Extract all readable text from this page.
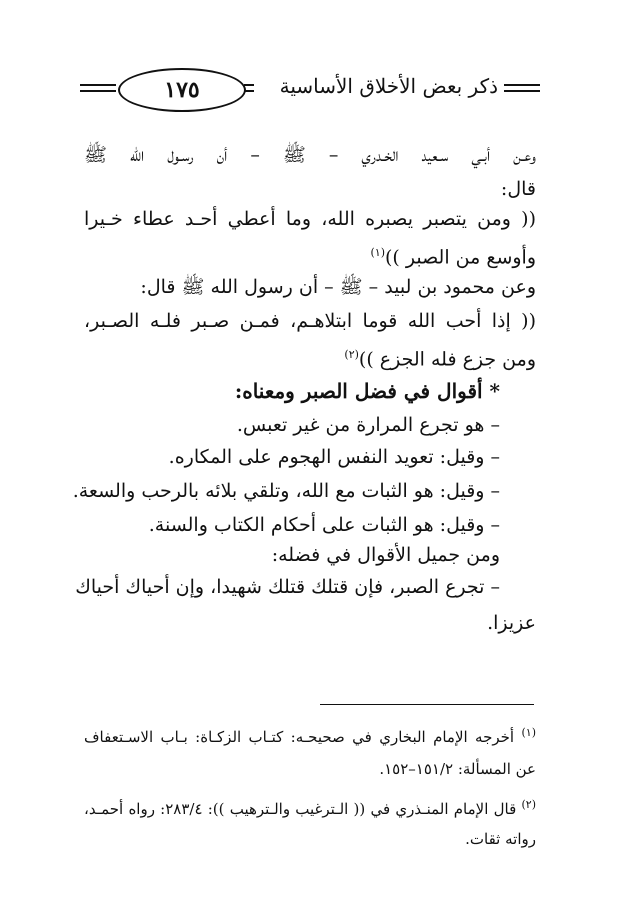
ذكر بعض الأخلاق الأساسية
١٧٥
وعـن أبـي سـعيد الخـدري – ﷺ – أن رسـول الله ﷺ
قال:
(( ومن يتصبر يصبره الله، وما أعطي أحـد عطاء خـيرا
وأوسع من الصبر ))$^{(١)}$
وعن محمود بن لبيد – ﷺ – أن رسول الله ﷺ قال:
(( إذا أحب الله قوما ابتلاهـم، فمـن صـبر فلـه الصـبر،
ومن جزع فله الجزع ))$^{(٢)}$
* أقوال في فضل الصبر ومعناه:
– هو تجرع المرارة من غير تعبس.
– وقيل: تعويد النفس الهجوم على المكاره.
– وقيل: هو الثبات مع الله، وتلقي بلائه بالرحب والسعة.
– وقيل: هو الثبات على أحكام الكتاب والسنة.
ومن جميل الأقوال في فضله:
– تجرع الصبر، فإن قتلك قتلك شهيدا، وإن أحياك أحياك
عزيزا.
$^{(١)}$ أخرجه الإمام البخاري في صحيحـه: كتـاب الزكـاة: بـاب الاسـتعفاف
عن المسألة: ١٥١/٢–١٥٢.
$^{(٢)}$ قال الإمام المنـذري في (( الـترغيب والـترهيب )): ٢٨٣/٤: رواه أحمـد،
رواته ثقات.
